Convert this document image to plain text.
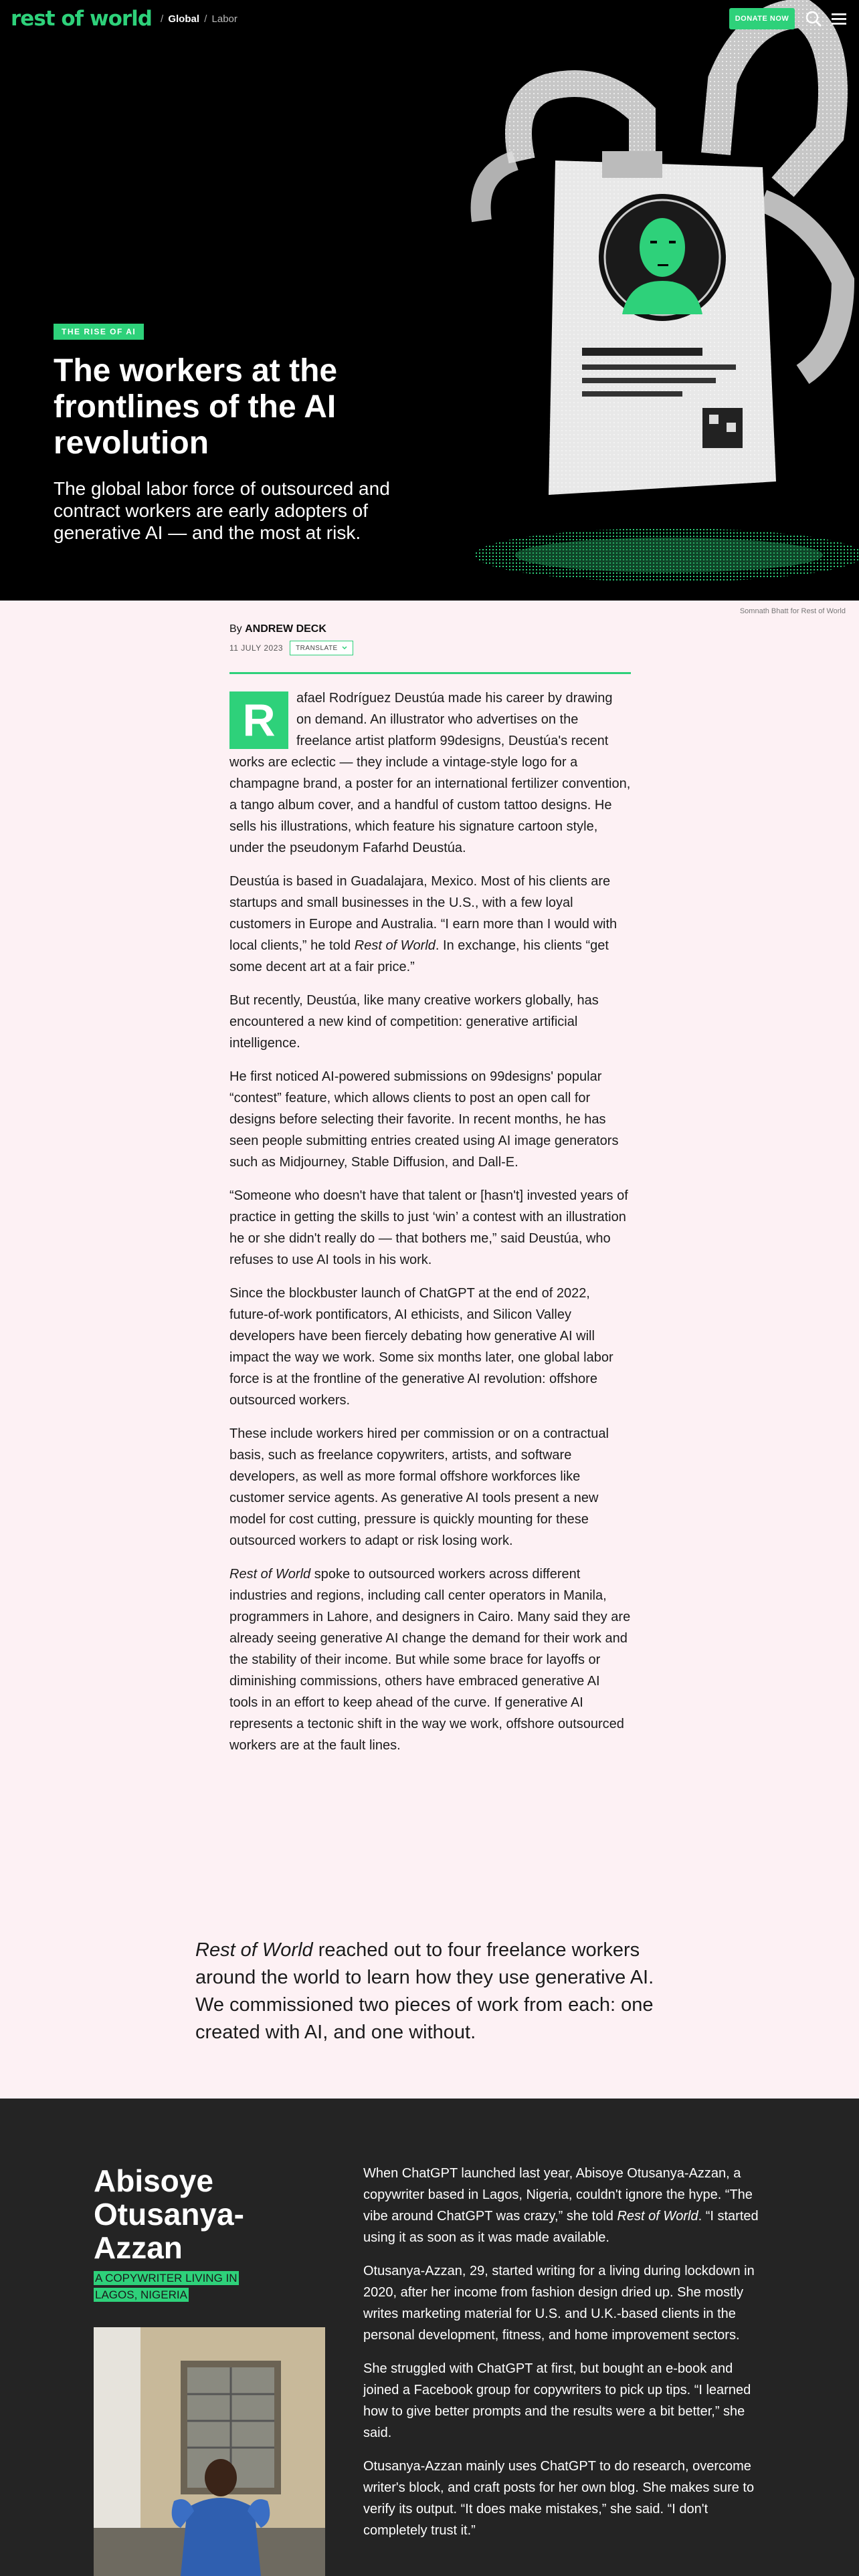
rest of world / Global / Labor	DONATE NOW
THE RISE OF AI
The workers at the frontlines of the AI revolution

The global labor force of outsourced and contract workers are early adopters of generative AI — and the most at risk.

Somnath Bhatt for Rest of World
By ANDREW DECK
11 JULY 2023 TRANSLATE

R	afael Rodríguez Deustúa made his career by drawing on demand. An illustrator who advertises on the freelance artist platform 99designs, Deustúa's recent works are eclectic — they include a vintage-style logo for a champagne brand, a poster for an international fertilizer convention, a tango album cover, and a handful of custom tattoo designs. He sells his illustrations, which feature his signature cartoon style, under the pseudonym Fafarhd Deustúa.

Deustúa is based in Guadalajara, Mexico. Most of his clients are startups and small businesses in the U.S., with a few loyal customers in Europe and Australia. “I earn more than I would with local clients,” he told Rest of World. In exchange, his clients “get some decent art at a fair price.”

But recently, Deustúa, like many creative workers globally, has encountered a new kind of competition: generative artificial intelligence.

He first noticed AI-powered submissions on 99designs' popular “contest” feature, which allows clients to post an open call for designs before selecting their favorite. In recent months, he has seen people submitting entries created using AI image generators such as Midjourney, Stable Diffusion, and Dall-E.

“Someone who doesn't have that talent or [hasn't] invested years of practice in getting the skills to just ‘win’ a contest with an illustration he or she didn't really do — that bothers me,” said Deustúa, who refuses to use AI tools in his work.

Since the blockbuster launch of ChatGPT at the end of 2022, future-of-work pontificators, AI ethicists, and Silicon Valley developers have been fiercely debating how generative AI will impact the way we work. Some six months later, one global labor force is at the frontline of the generative AI revolution: offshore outsourced workers.

These include workers hired per commission or on a contractual basis, such as freelance copywriters, artists, and software developers, as well as more formal offshore workforces like customer service agents. As generative AI tools present a new model for cost cutting, pressure is quickly mounting for these outsourced workers to adapt or risk losing work.

Rest of World spoke to outsourced workers across different industries and regions, including call center operators in Manila, programmers in Lahore, and designers in Cairo. Many said they are already seeing generative AI change the demand for their work and the stability of their income. But while some brace for layoffs or diminishing commissions, others have embraced generative AI tools in an effort to keep ahead of the curve. If generative AI represents a tectonic shift in the way we work, offshore outsourced workers are at the fault lines.

Rest of World reached out to four freelance workers around the world to learn how they use generative AI. We commissioned two pieces of work from each: one created with AI, and one without.

Abisoye Otusanya-Azzan
A COPYWRITER LIVING IN LAGOS, NIGERIA

When ChatGPT launched last year, Abisoye Otusanya-Azzan, a copywriter based in Lagos, Nigeria, couldn't ignore the hype. “The vibe around ChatGPT was crazy,” she told Rest of World. “I started using it as soon as it was made available.

Otusanya-Azzan, 29, started writing for a living during lockdown in 2020, after her income from fashion design dried up. She mostly writes marketing material for U.S. and U.K.-based clients in the personal development, fitness, and home improvement sectors.

She struggled with ChatGPT at first, but bought an e-book and joined a Facebook group for copywriters to pick up tips. “I learned how to give better prompts and the results were a bit better,” she said.

Otusanya-Azzan mainly uses ChatGPT to do research, overcome writer's block, and craft posts for her own blog. She makes sure to verify its output. “It does make mistakes,” she said. “I don't completely trust it.”
